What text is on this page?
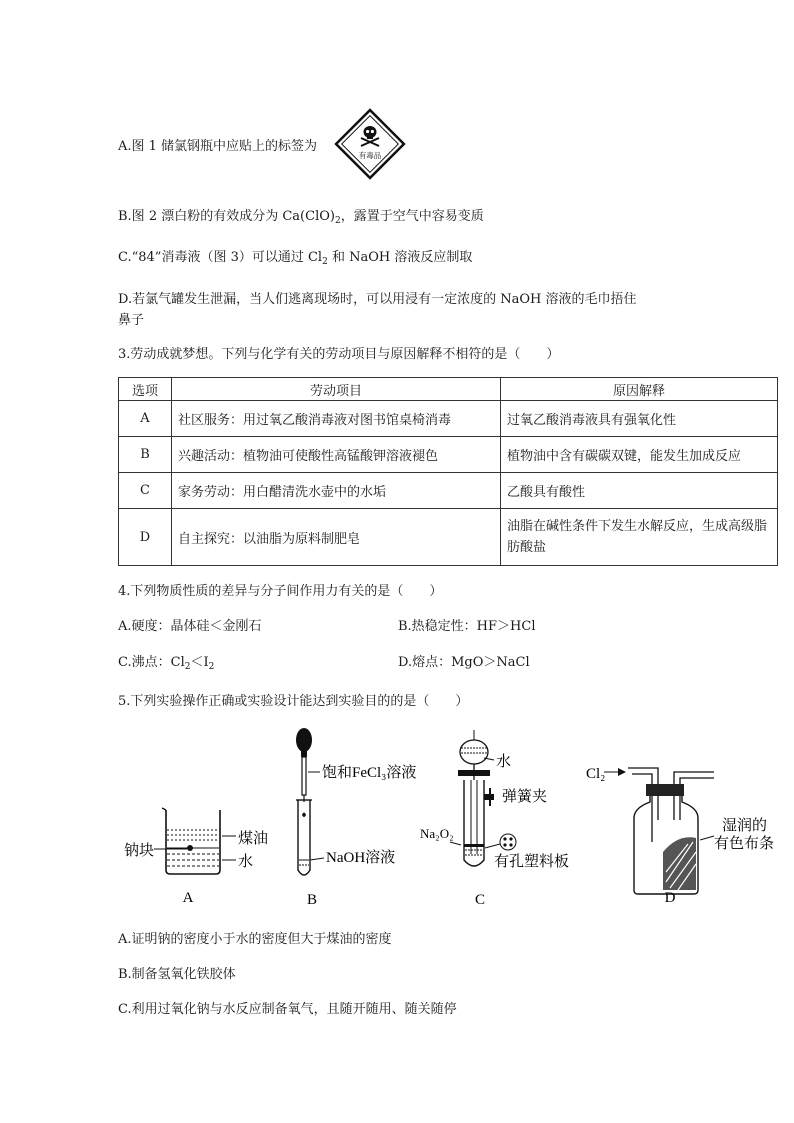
A.图 1 储氯钢瓶中应贴上的标签为
有毒品
B.图 2 漂白粉的有效成分为 $Ca(ClO)_2$，露置于空气中容易变质
C.“84”消毒液（图 3）可以通过 $Cl_2$ 和 NaOH 溶液反应制取
D.若氯气罐发生泄漏，当人们逃离现场时，可以用浸有一定浓度的 NaOH 溶液的毛巾捂住
鼻子
3.劳动成就梦想。下列与化学有关的劳动项目与原因解释不相符的是（　　）
选项	劳动项目	原因解释
A	社区服务：用过氧乙酸消毒液对图书馆桌椅消毒	过氧乙酸消毒液具有强氧化性
B	兴趣活动：植物油可使酸性高锰酸钾溶液褪色	植物油中含有碳碳双键，能发生加成反应
C	家务劳动：用白醋清洗水壶中的水垢	乙酸具有酸性
D	自主探究：以油脂为原料制肥皂	油脂在碱性条件下发生水解反应，生成高级脂肪酸盐
4.下列物质性质的差异与分子间作用力有关的是（　　）
A.硬度：晶体硅＜金刚石	B.热稳定性：HF＞HCl
C.沸点：$Cl_2<I_2$	D.熔点：MgO＞NaCl
5.下列实验操作正确或实验设计能达到实验目的的是（　　）
煤油
钠块
水
A
饱和FeCl₃溶液
NaOH溶液
B
水
弹簧夹
Na₂O₂
有孔塑料板
C
Cl₂
湿润的
有色布条
D
A.证明钠的密度小于水的密度但大于煤油的密度
B.制备氢氧化铁胶体
C.利用过氧化钠与水反应制备氧气，且随开随用、随关随停
